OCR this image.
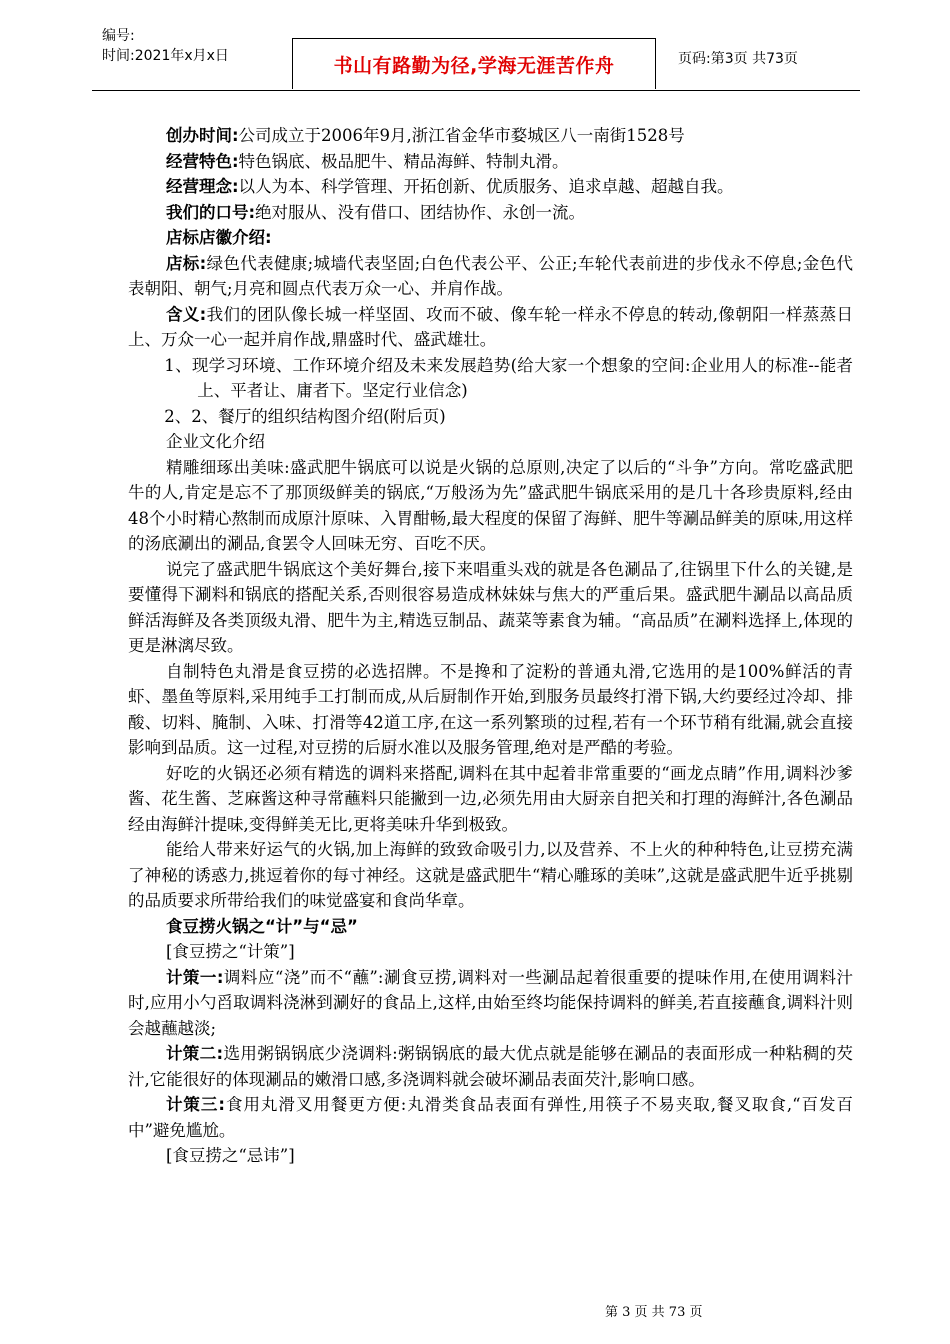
编号:
时间:2021年x月x日	书山有路勤为径,学海无涯苦作舟	页码:第3页 共73页

创办时间:公司成立于2006年9月,浙江省金华市婺城区八一南街1528号

经营特色:特色锅底、极品肥牛、精品海鲜、特制丸滑。

经营理念:以人为本、科学管理、开拓创新、优质服务、追求卓越、超越自我。

我们的口号:绝对服从、没有借口、团结协作、永创一流。

店标店徽介绍:

店标:绿色代表健康;城墙代表坚固;白色代表公平、公正;车轮代表前进的步伐永不停息;金色代表朝阳、朝气;月亮和圆点代表万众一心、并肩作战。

含义:我们的团队像长城一样坚固、攻而不破、像车轮一样永不停息的转动,像朝阳一样蒸蒸日上、万众一心一起并肩作战,鼎盛时代、盛武雄壮。

1、现学习环境、工作环境介绍及未来发展趋势(给大家一个想象的空间:企业用人的标准--能者上、平者让、庸者下。坚定行业信念)

2、2、餐厅的组织结构图介绍(附后页)

企业文化介绍

精雕细琢出美味:盛武肥牛锅底可以说是火锅的总原则,决定了以后的“斗争”方向。常吃盛武肥牛的人,肯定是忘不了那顶级鲜美的锅底,“万般汤为先”盛武肥牛锅底采用的是几十各珍贵原料,经由48个小时精心熬制而成原汁原味、入胃酣畅,最大程度的保留了海鲜、肥牛等涮品鲜美的原味,用这样的汤底涮出的涮品,食罢令人回味无穷、百吃不厌。

说完了盛武肥牛锅底这个美好舞台,接下来唱重头戏的就是各色涮品了,往锅里下什么的关键,是要懂得下涮料和锅底的搭配关系,否则很容易造成林妹妹与焦大的严重后果。盛武肥牛涮品以高品质鲜活海鲜及各类顶级丸滑、肥牛为主,精选豆制品、蔬菜等素食为辅。“高品质”在涮料选择上,体现的更是淋漓尽致。

自制特色丸滑是食豆捞的必选招牌。不是搀和了淀粉的普通丸滑,它选用的是100%鲜活的青虾、墨鱼等原料,采用纯手工打制而成,从后厨制作开始,到服务员最终打滑下锅,大约要经过冷却、排酸、切料、腌制、入味、打滑等42道工序,在这一系列繁琐的过程,若有一个环节稍有纰漏,就会直接影响到品质。这一过程,对豆捞的后厨水准以及服务管理,绝对是严酷的考验。

好吃的火锅还必须有精选的调料来搭配,调料在其中起着非常重要的“画龙点睛”作用,调料沙爹酱、花生酱、芝麻酱这种寻常蘸料只能撇到一边,必须先用由大厨亲自把关和打理的海鲜汁,各色涮品经由海鲜汁提味,变得鲜美无比,更将美味升华到极致。

能给人带来好运气的火锅,加上海鲜的致致命吸引力,以及营养、不上火的种种特色,让豆捞充满了神秘的诱惑力,挑逗着你的每寸神经。这就是盛武肥牛“精心雕琢的美味”,这就是盛武肥牛近乎挑剔的品质要求所带给我们的味觉盛宴和食尚华章。

食豆捞火锅之“计”与“忌”

[食豆捞之“计策”]

计策一:调料应“浇”而不“蘸”:涮食豆捞,调料对一些涮品起着很重要的提味作用,在使用调料汁时,应用小勺舀取调料浇淋到涮好的食品上,这样,由始至终均能保持调料的鲜美,若直接蘸食,调料汁则会越蘸越淡;

计策二:选用粥锅锅底少浇调料:粥锅锅底的最大优点就是能够在涮品的表面形成一种粘稠的芡汁,它能很好的体现涮品的嫩滑口感,多浇调料就会破坏涮品表面芡汁,影响口感。

计策三:食用丸滑叉用餐更方便:丸滑类食品表面有弹性,用筷子不易夹取,餐叉取食,“百发百中”避免尴尬。

[食豆捞之“忌讳”]

第 3 页 共 73 页
